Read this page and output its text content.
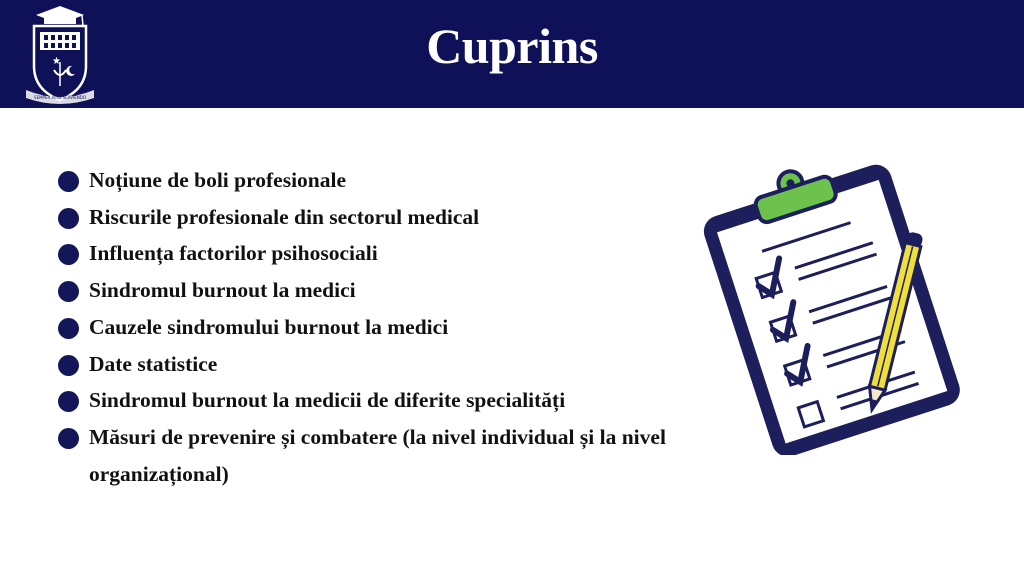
★
SEMPER ALIIS SERVIENDO
Cuprins
Noțiune de boli profesionale
Riscurile profesionale din sectorul medical
Influența factorilor psihosociali
Sindromul burnout la medici
Cauzele sindromului burnout la medici
Date statistice
Sindromul burnout la medicii de diferite specialități
Măsuri de prevenire și combatere (la nivel individual și la nivel organizațional)
